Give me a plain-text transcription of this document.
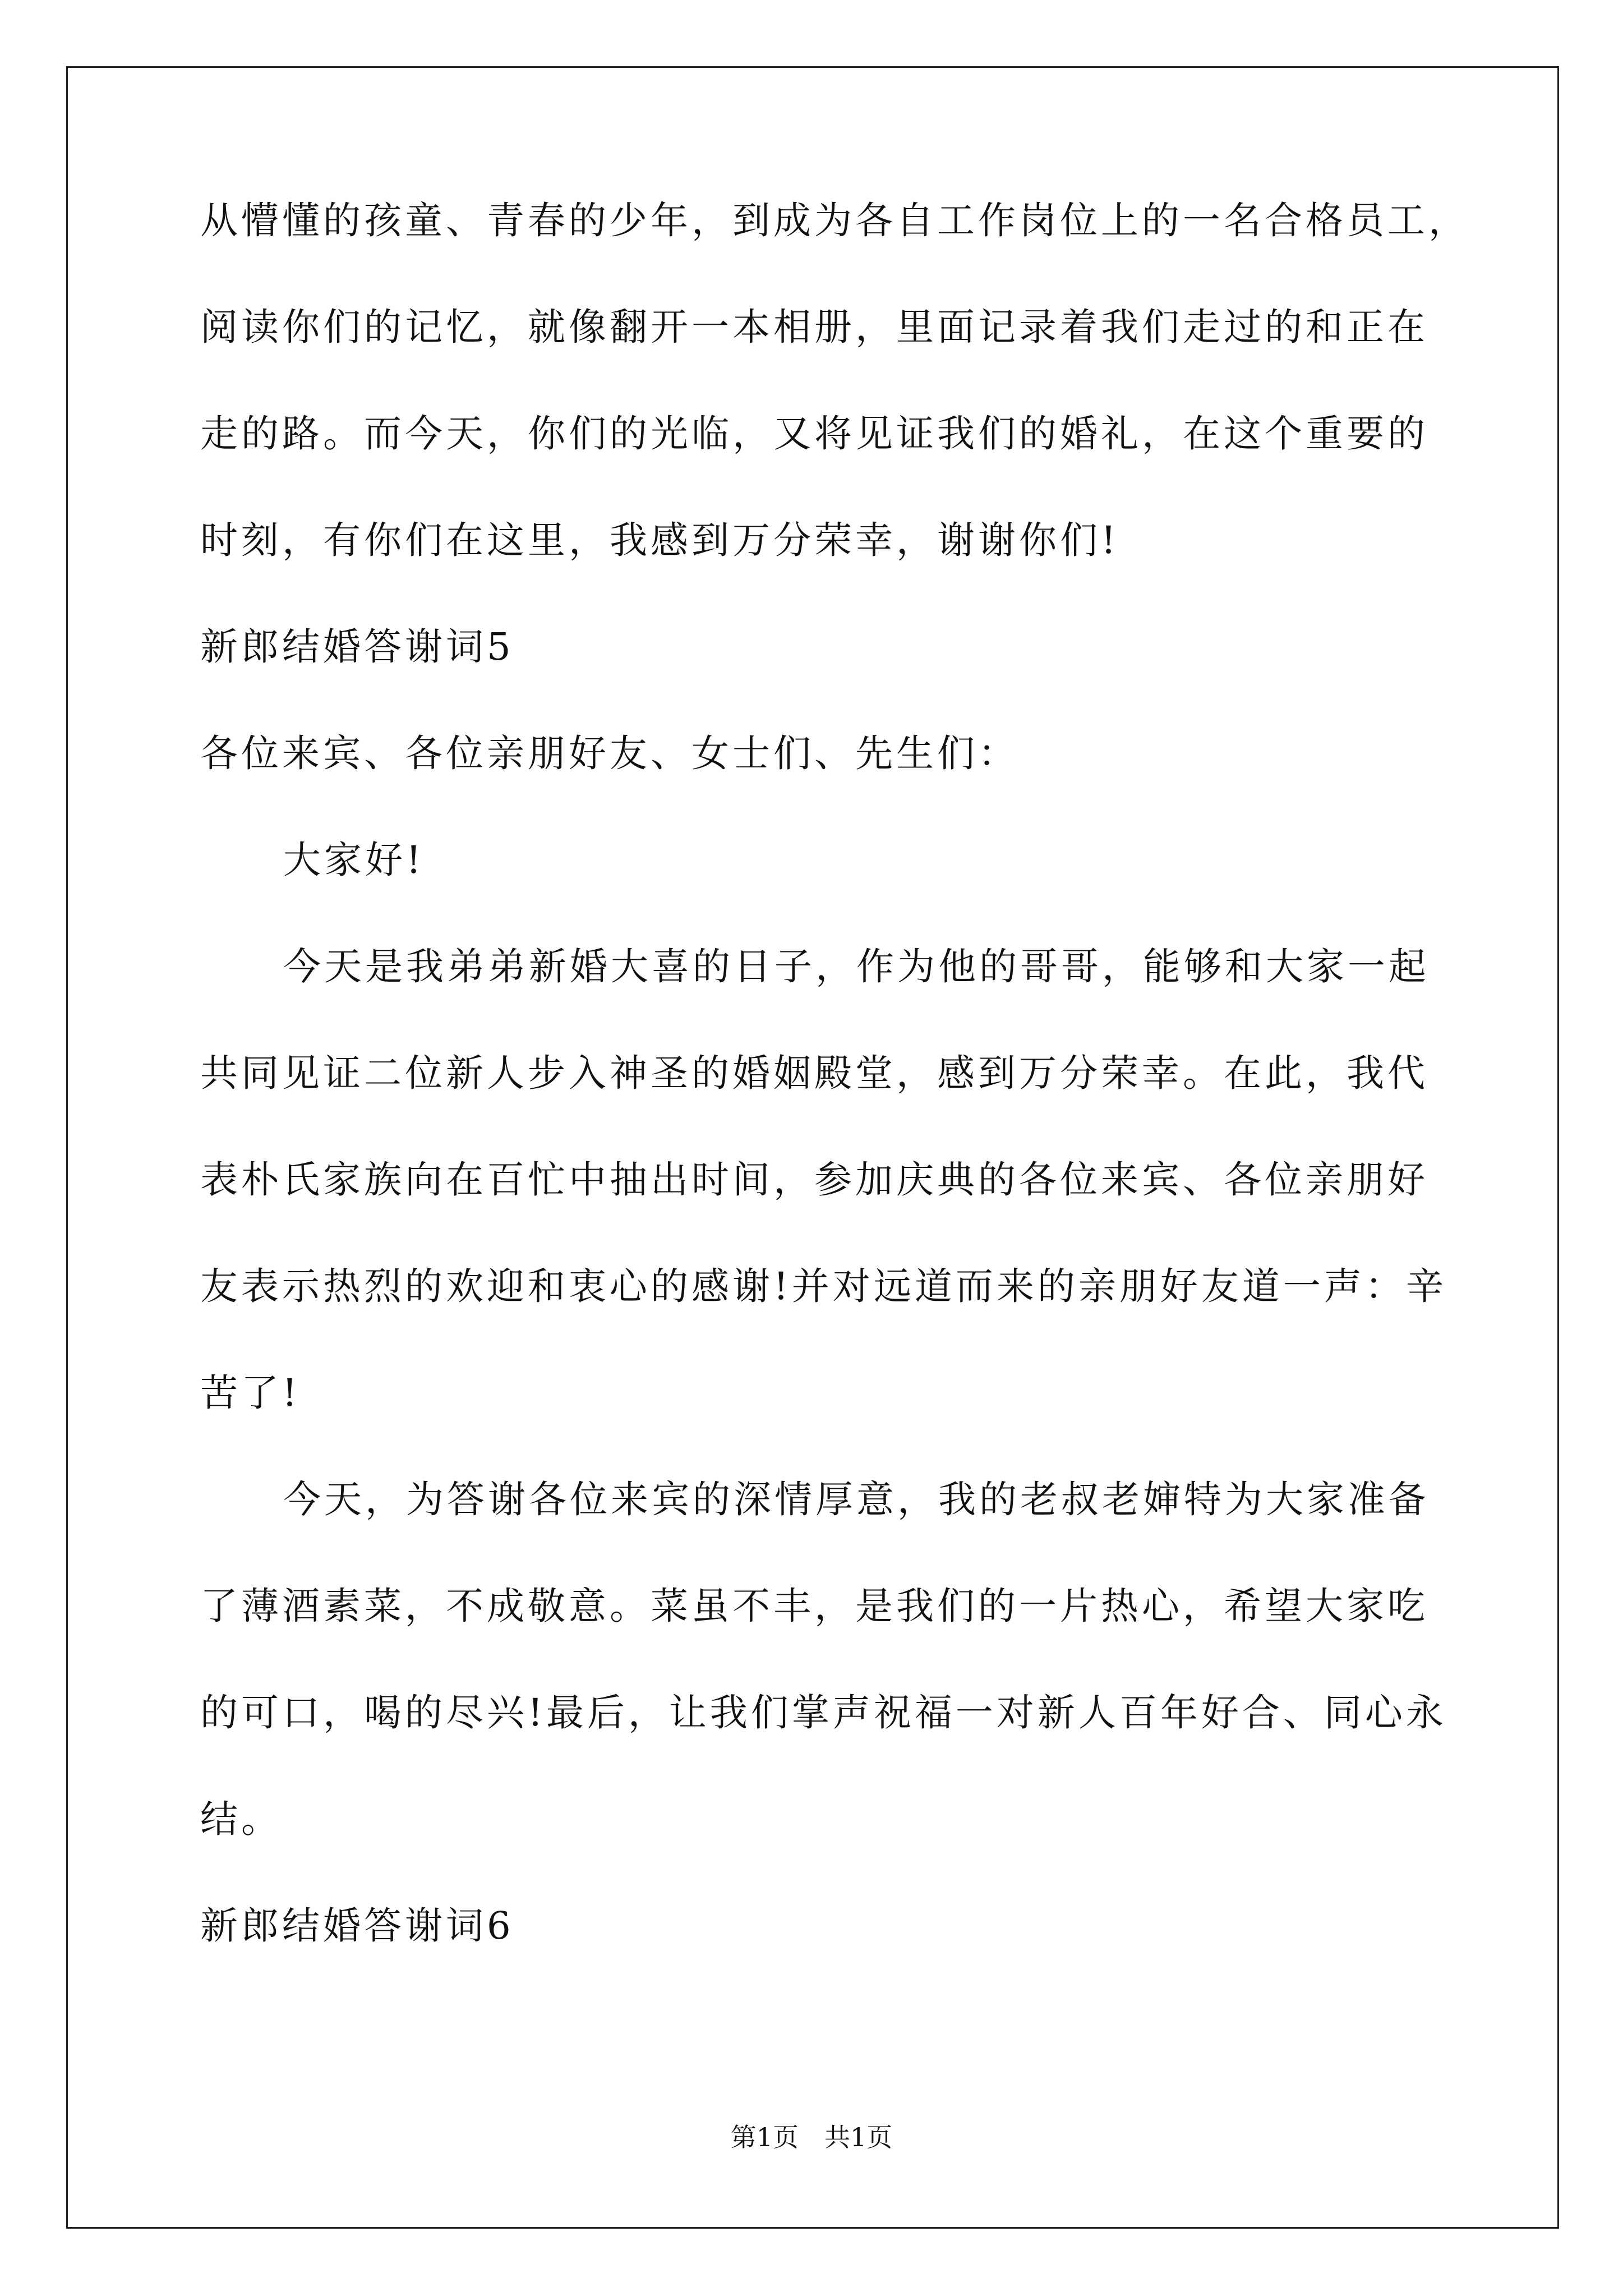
从懵懂的孩童、青春的少年，到成为各自工作岗位上的一名合格员工，
阅读你们的记忆，就像翻开一本相册，里面记录着我们走过的和正在
走的路。而今天，你们的光临，又将见证我们的婚礼，在这个重要的
时刻，有你们在这里，我感到万分荣幸，谢谢你们!
新郎结婚答谢词5
各位来宾、各位亲朋好友、女士们、先生们：
大家好!
今天是我弟弟新婚大喜的日子，作为他的哥哥，能够和大家一起
共同见证二位新人步入神圣的婚姻殿堂，感到万分荣幸。在此，我代
表朴氏家族向在百忙中抽出时间，参加庆典的各位来宾、各位亲朋好
友表示热烈的欢迎和衷心的感谢!并对远道而来的亲朋好友道一声：辛
苦了!
今天，为答谢各位来宾的深情厚意，我的老叔老婶特为大家准备
了薄酒素菜，不成敬意。菜虽不丰，是我们的一片热心，希望大家吃
的可口，喝的尽兴!最后，让我们掌声祝福一对新人百年好合、同心永
结。
新郎结婚答谢词6
第1页 共1页
